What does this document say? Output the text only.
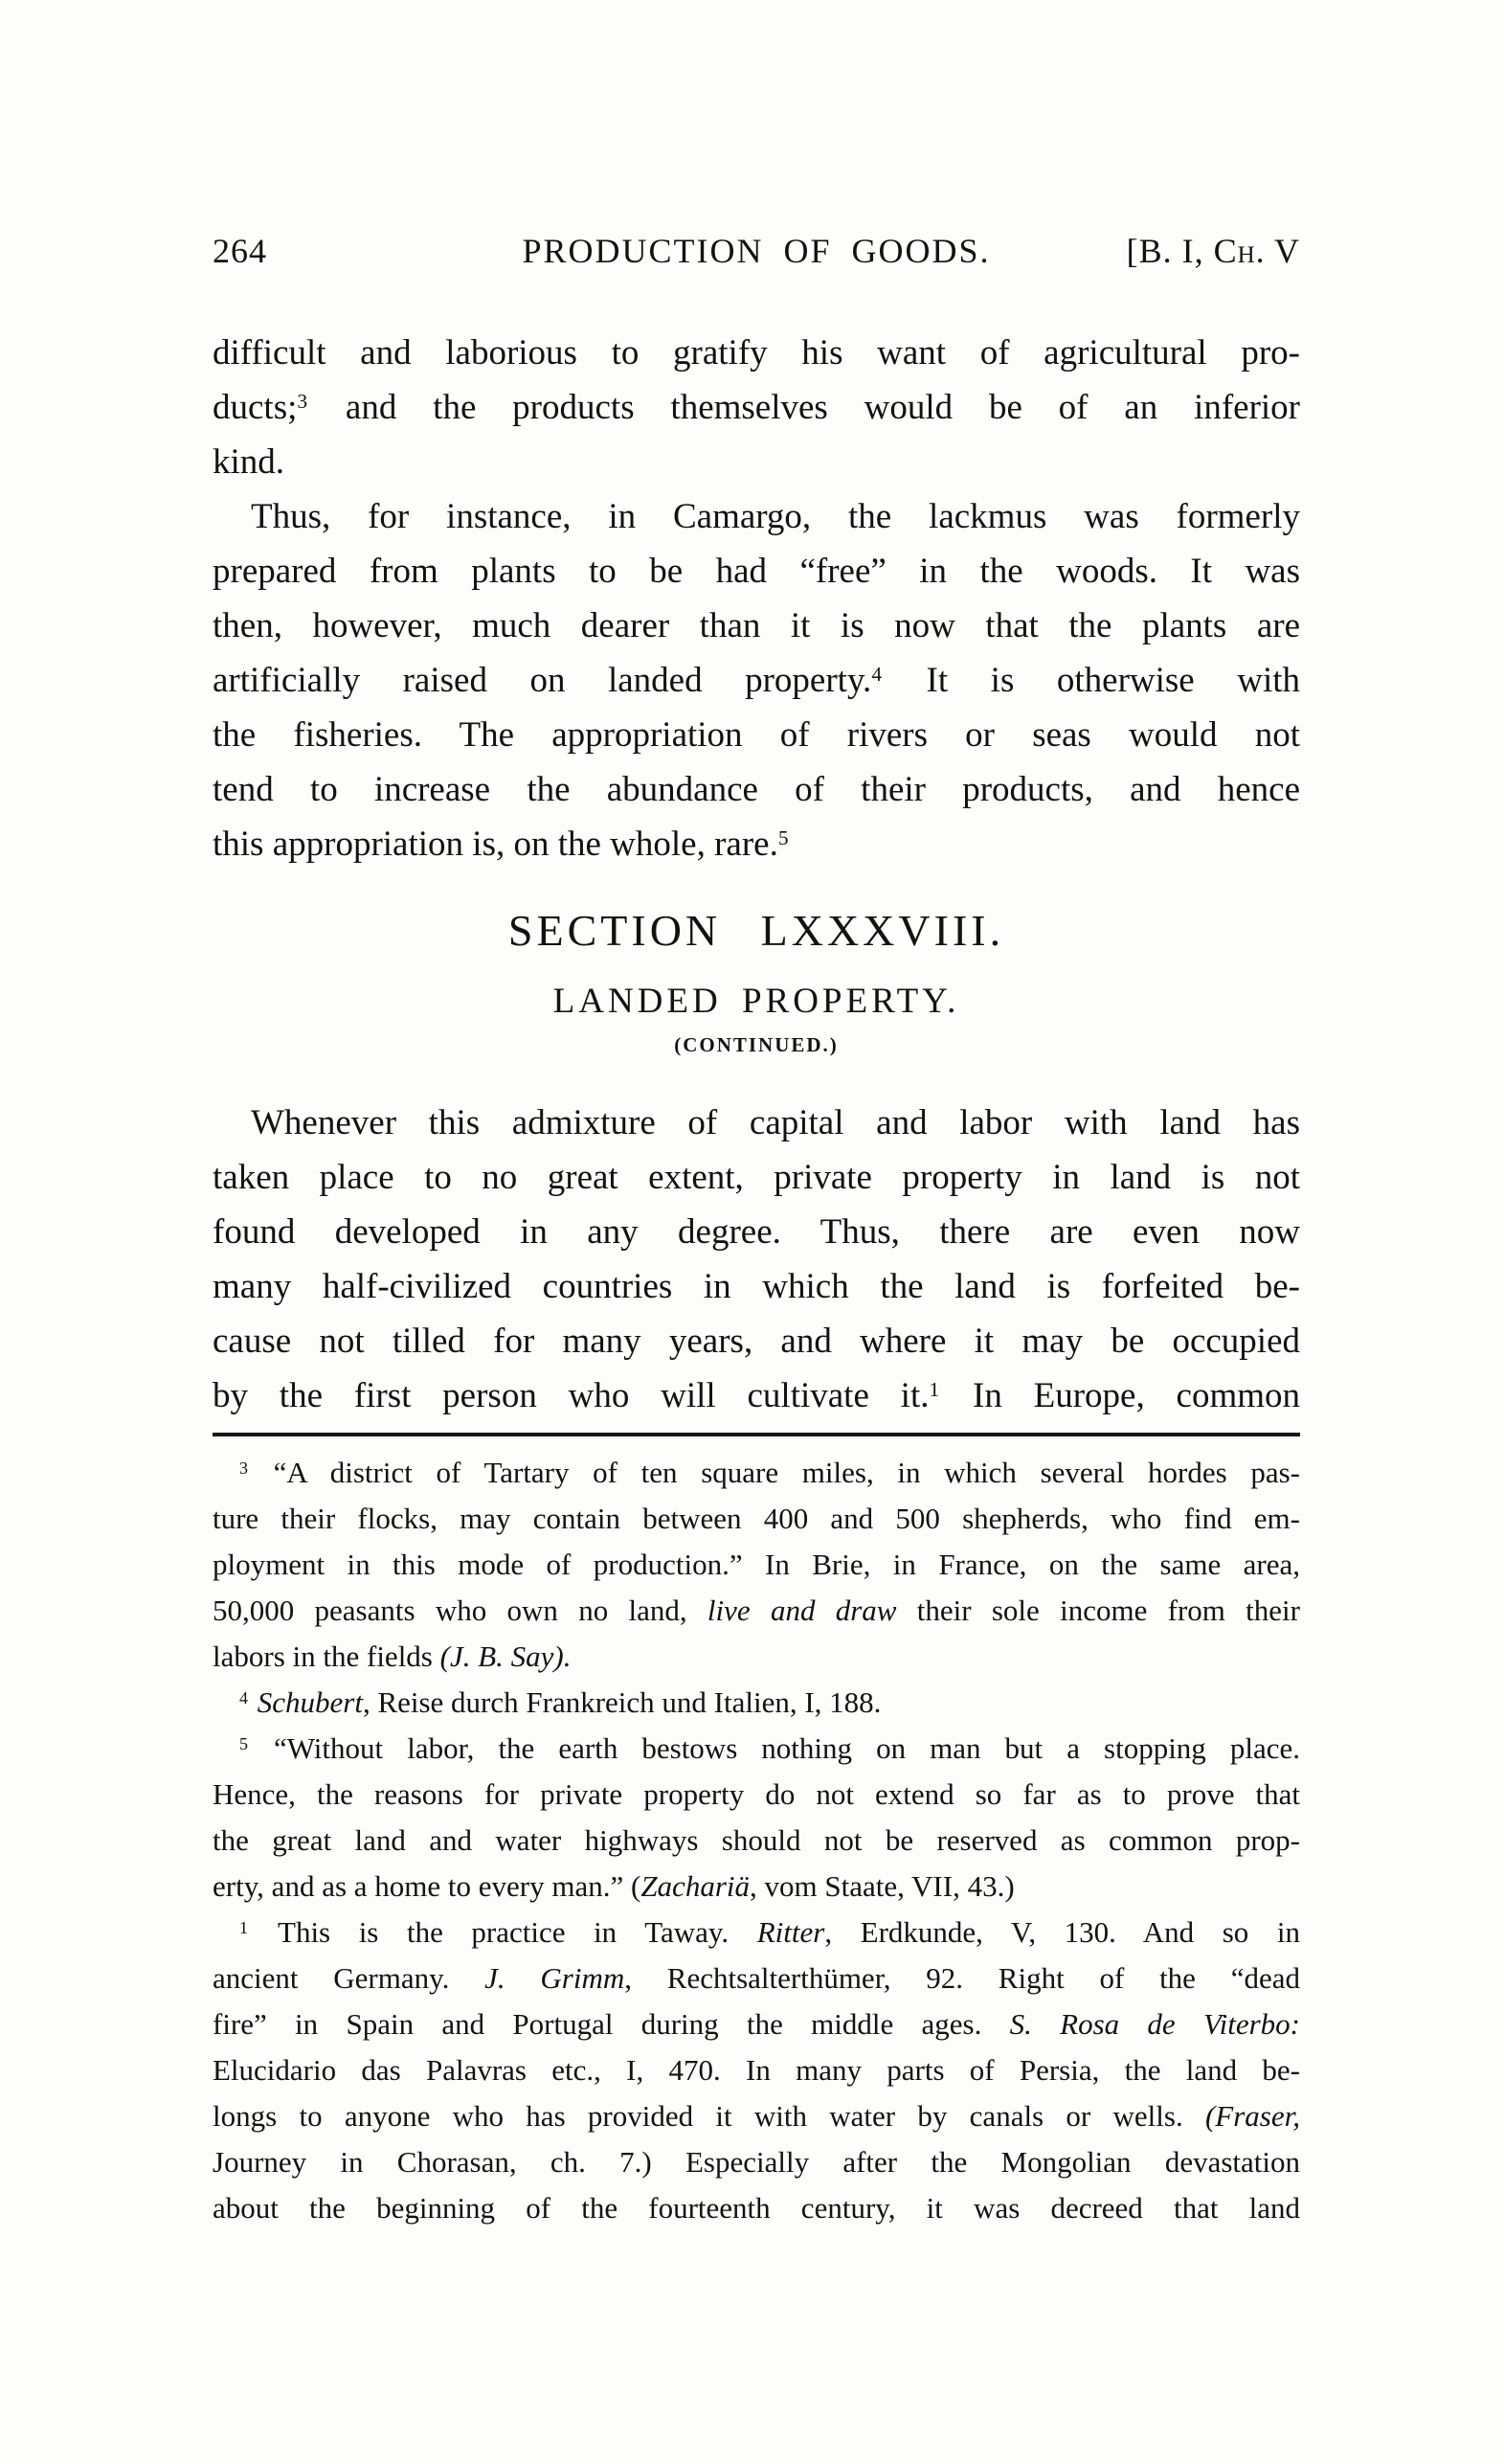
264	PRODUCTION OF GOODS.	[B. I, Ch. V
difficult and laborious to gratify his want of agricultural pro-
ducts;$^3$ and the products themselves would be of an inferior
kind.
Thus, for instance, in Camargo, the lackmus was formerly
prepared from plants to be had “free” in the woods. It was
then, however, much dearer than it is now that the plants are
artificially raised on landed property.$^4$ It is otherwise with
the fisheries. The appropriation of rivers or seas would not
tend to increase the abundance of their products, and hence
this appropriation is, on the whole, rare.$^5$
SECTION LXXXVIII.
LANDED PROPERTY.
(CONTINUED.)
Whenever this admixture of capital and labor with land has
taken place to no great extent, private property in land is not
found developed in any degree. Thus, there are even now
many half-civilized countries in which the land is forfeited be-
cause not tilled for many years, and where it may be occupied
by the first person who will cultivate it.$^1$ In Europe, common
$^3$ “A district of Tartary of ten square miles, in which several hordes pas-
ture their flocks, may contain between 400 and 500 shepherds, who find em-
ployment in this mode of production.” In Brie, in France, on the same area,
50,000 peasants who own no land, live and draw their sole income from their
labors in the fields (J. B. Say).
$^4$ Schubert, Reise durch Frankreich und Italien, I, 188.
$^5$ “Without labor, the earth bestows nothing on man but a stopping place.
Hence, the reasons for private property do not extend so far as to prove that
the great land and water highways should not be reserved as common prop-
erty, and as a home to every man.” (Zachariä, vom Staate, VII, 43.)
$^1$ This is the practice in Taway. Ritter, Erdkunde, V, 130. And so in
ancient Germany. J. Grimm, Rechtsalterthümer, 92. Right of the “dead
fire” in Spain and Portugal during the middle ages. S. Rosa de Viterbo:
Elucidario das Palavras etc., I, 470. In many parts of Persia, the land be-
longs to anyone who has provided it with water by canals or wells. (Fraser,
Journey in Chorasan, ch. 7.) Especially after the Mongolian devastation
about the beginning of the fourteenth century, it was decreed that land
